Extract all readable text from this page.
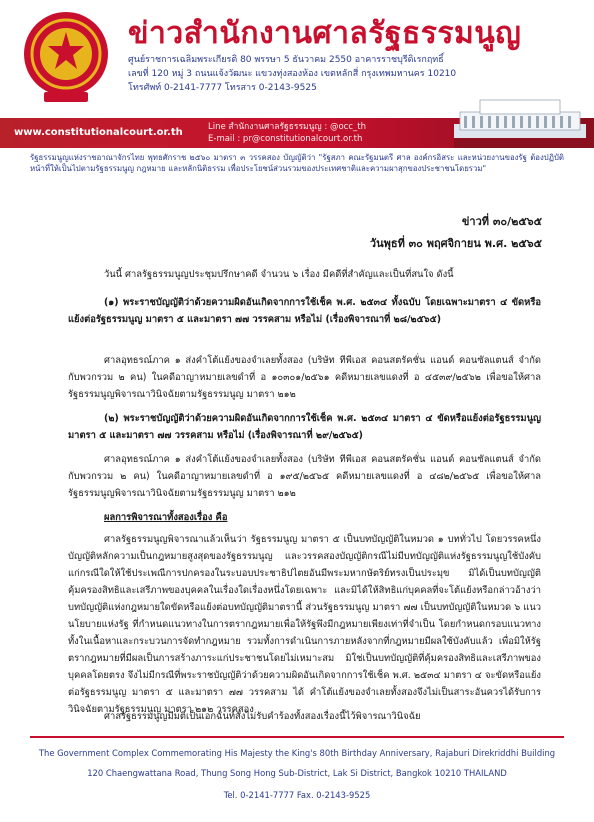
ข่าวสำนักงานศาลรัฐธรรมนูญ
ศูนย์ราชการเฉลิมพระเกียรติ 80 พรรษา 5 ธันวาคม 2550 อาคารราชบุรีดิเรกฤทธิ์
เลขที่ 120 หมู่ 3 ถนนแจ้งวัฒนะ แขวงทุ่งสองห้อง เขตหลักสี่ กรุงเทพมหานคร 10210
โทรศัพท์ 0-2141-7777 โทรสาร 0-2143-9525
www.constitutionalcourt.or.th	Line สำนักงานศาลรัฐธรรมนูญ : @occ_th
E-mail : pr@constitutionalcourt.or.th
รัฐธรรมนูญแห่งราชอาณาจักรไทย พุทธศักราช ๒๕๖๐ มาตรา ๓ วรรคสอง บัญญัติว่า "รัฐสภา คณะรัฐมนตรี ศาล องค์กรอิสระ และหน่วยงานของรัฐ ต้องปฏิบัติหน้าที่ให้เป็นไปตามรัฐธรรมนูญ กฎหมาย และหลักนิติธรรม เพื่อประโยชน์ส่วนรวมของประเทศชาติและความผาสุกของประชาชนโดยรวม"
ข่าวที่ ๓๐/๒๕๖๕
วันพุธที่ ๓๐ พฤศจิกายน พ.ศ. ๒๕๖๕
วันนี้ ศาลรัฐธรรมนูญประชุมปรึกษาคดี จำนวน ๖ เรื่อง มีคดีที่สำคัญและเป็นที่สนใจ ดังนี้
(๑) พระราชบัญญัติว่าด้วยความผิดอันเกิดจากการใช้เช็ค พ.ศ. ๒๕๓๔ ทั้งฉบับ โดยเฉพาะมาตรา ๔ ขัดหรือแย้งต่อรัฐธรรมนูญ มาตรา ๕ และมาตรา ๗๗ วรรคสาม หรือไม่ (เรื่องพิจารณาที่ ๒๘/๒๕๖๕)
ศาลอุทธรณ์ภาค ๑ ส่งคำโต้แย้งของจำเลยทั้งสอง (บริษัท ทีพีเอส คอนสตรัคชั่น แอนด์ คอนซัลแตนส์ จำกัด กับพวกรวม ๒ คน) ในคดีอาญาหมายเลขดำที่ อ ๑๐๓๐๑/๒๕๖๑ คดีหมายเลขแดงที่ อ ๔๕๓๙/๒๕๖๒ เพื่อขอให้ศาลรัฐธรรมนูญพิจารณาวินิจฉัยตามรัฐธรรมนูญ มาตรา ๒๑๒
(๒) พระราชบัญญัติว่าด้วยความผิดอันเกิดจากการใช้เช็ค พ.ศ. ๒๕๓๔ มาตรา ๔ ขัดหรือแย้งต่อรัฐธรรมนูญ มาตรา ๕ และมาตรา ๗๗ วรรคสาม หรือไม่ (เรื่องพิจารณาที่ ๒๙/๒๕๖๕)
ศาลอุทธรณ์ภาค ๑ ส่งคำโต้แย้งของจำเลยทั้งสอง (บริษัท ทีพีเอส คอนสตรัคชั่น แอนด์ คอนซัลแตนส์ จำกัด กับพวกรวม ๒ คน) ในคดีอาญาหมายเลขดำที่ อ ๑๙๕/๒๕๖๕ คดีหมายเลขแดงที่ อ ๔๘๒/๒๕๖๕ เพื่อขอให้ศาลรัฐธรรมนูญพิจารณาวินิจฉัยตามรัฐธรรมนูญ มาตรา ๒๑๒
ผลการพิจารณาทั้งสองเรื่อง คือ
ศาลรัฐธรรมนูญพิจารณาแล้วเห็นว่า รัฐธรรมนูญ มาตรา ๕ เป็นบทบัญญัติในหมวด ๑ บททั่วไป โดยวรรคหนึ่งบัญญัติหลักความเป็นกฎหมายสูงสุดของรัฐธรรมนูญ และวรรคสองบัญญัติกรณีไม่มีบทบัญญัติแห่งรัฐธรรมนูญใช้บังคับแก่กรณีใดให้ใช้ประเพณีการปกครองในระบอบประชาธิปไตยอันมีพระมหากษัตริย์ทรงเป็นประมุข มิได้เป็นบทบัญญัติคุ้มครองสิทธิและเสรีภาพของบุคคลในเรื่องใดเรื่องหนึ่งโดยเฉพาะ และมิได้ให้สิทธิแก่บุคคลที่จะโต้แย้งหรือกล่าวอ้างว่าบทบัญญัติแห่งกฎหมายใดขัดหรือแย้งต่อบทบัญญัติมาตรานี้ ส่วนรัฐธรรมนูญ มาตรา ๗๗ เป็นบทบัญญัติในหมวด ๖ แนวนโยบายแห่งรัฐ ที่กำหนดแนวทางในการตรากฎหมายเพื่อให้รัฐพึงมีกฎหมายเพียงเท่าที่จำเป็น โดยกำหนดกรอบแนวทางทั้งในเนื้อหาและกระบวนการจัดทำกฎหมาย รวมทั้งการดำเนินการภายหลังจากที่กฎหมายมีผลใช้บังคับแล้ว เพื่อมิให้รัฐตรากฎหมายที่มีผลเป็นการสร้างภาระแก่ประชาชนโดยไม่เหมาะสม มิใช่เป็นบทบัญญัติที่คุ้มครองสิทธิและเสรีภาพของบุคคลโดยตรง จึงไม่มีกรณีที่พระราชบัญญัติว่าด้วยความผิดอันเกิดจากการใช้เช็ค พ.ศ. ๒๕๓๔ มาตรา ๔ จะขัดหรือแย้งต่อรัฐธรรมนูญ มาตรา ๕ และมาตรา ๗๗ วรรคสาม ได้ คำโต้แย้งของจำเลยทั้งสองจึงไม่เป็นสาระอันควรได้รับการวินิจฉัยตามรัฐธรรมนูญ มาตรา ๒๑๒ วรรคสอง
ศาลรัฐธรรมนูญมีมติเป็นเอกฉันท์สั่งไม่รับคำร้องทั้งสองเรื่องนี้ไว้พิจารณาวินิจฉัย
The Government Complex Commemorating His Majesty the King's 80th Birthday Anniversary, Rajaburi Direkriddhi Building
120 Chaengwattana Road, Thung Song Hong Sub-District, Lak Si District, Bangkok 10210 THAILAND
Tel. 0-2141-7777 Fax. 0-2143-9525
